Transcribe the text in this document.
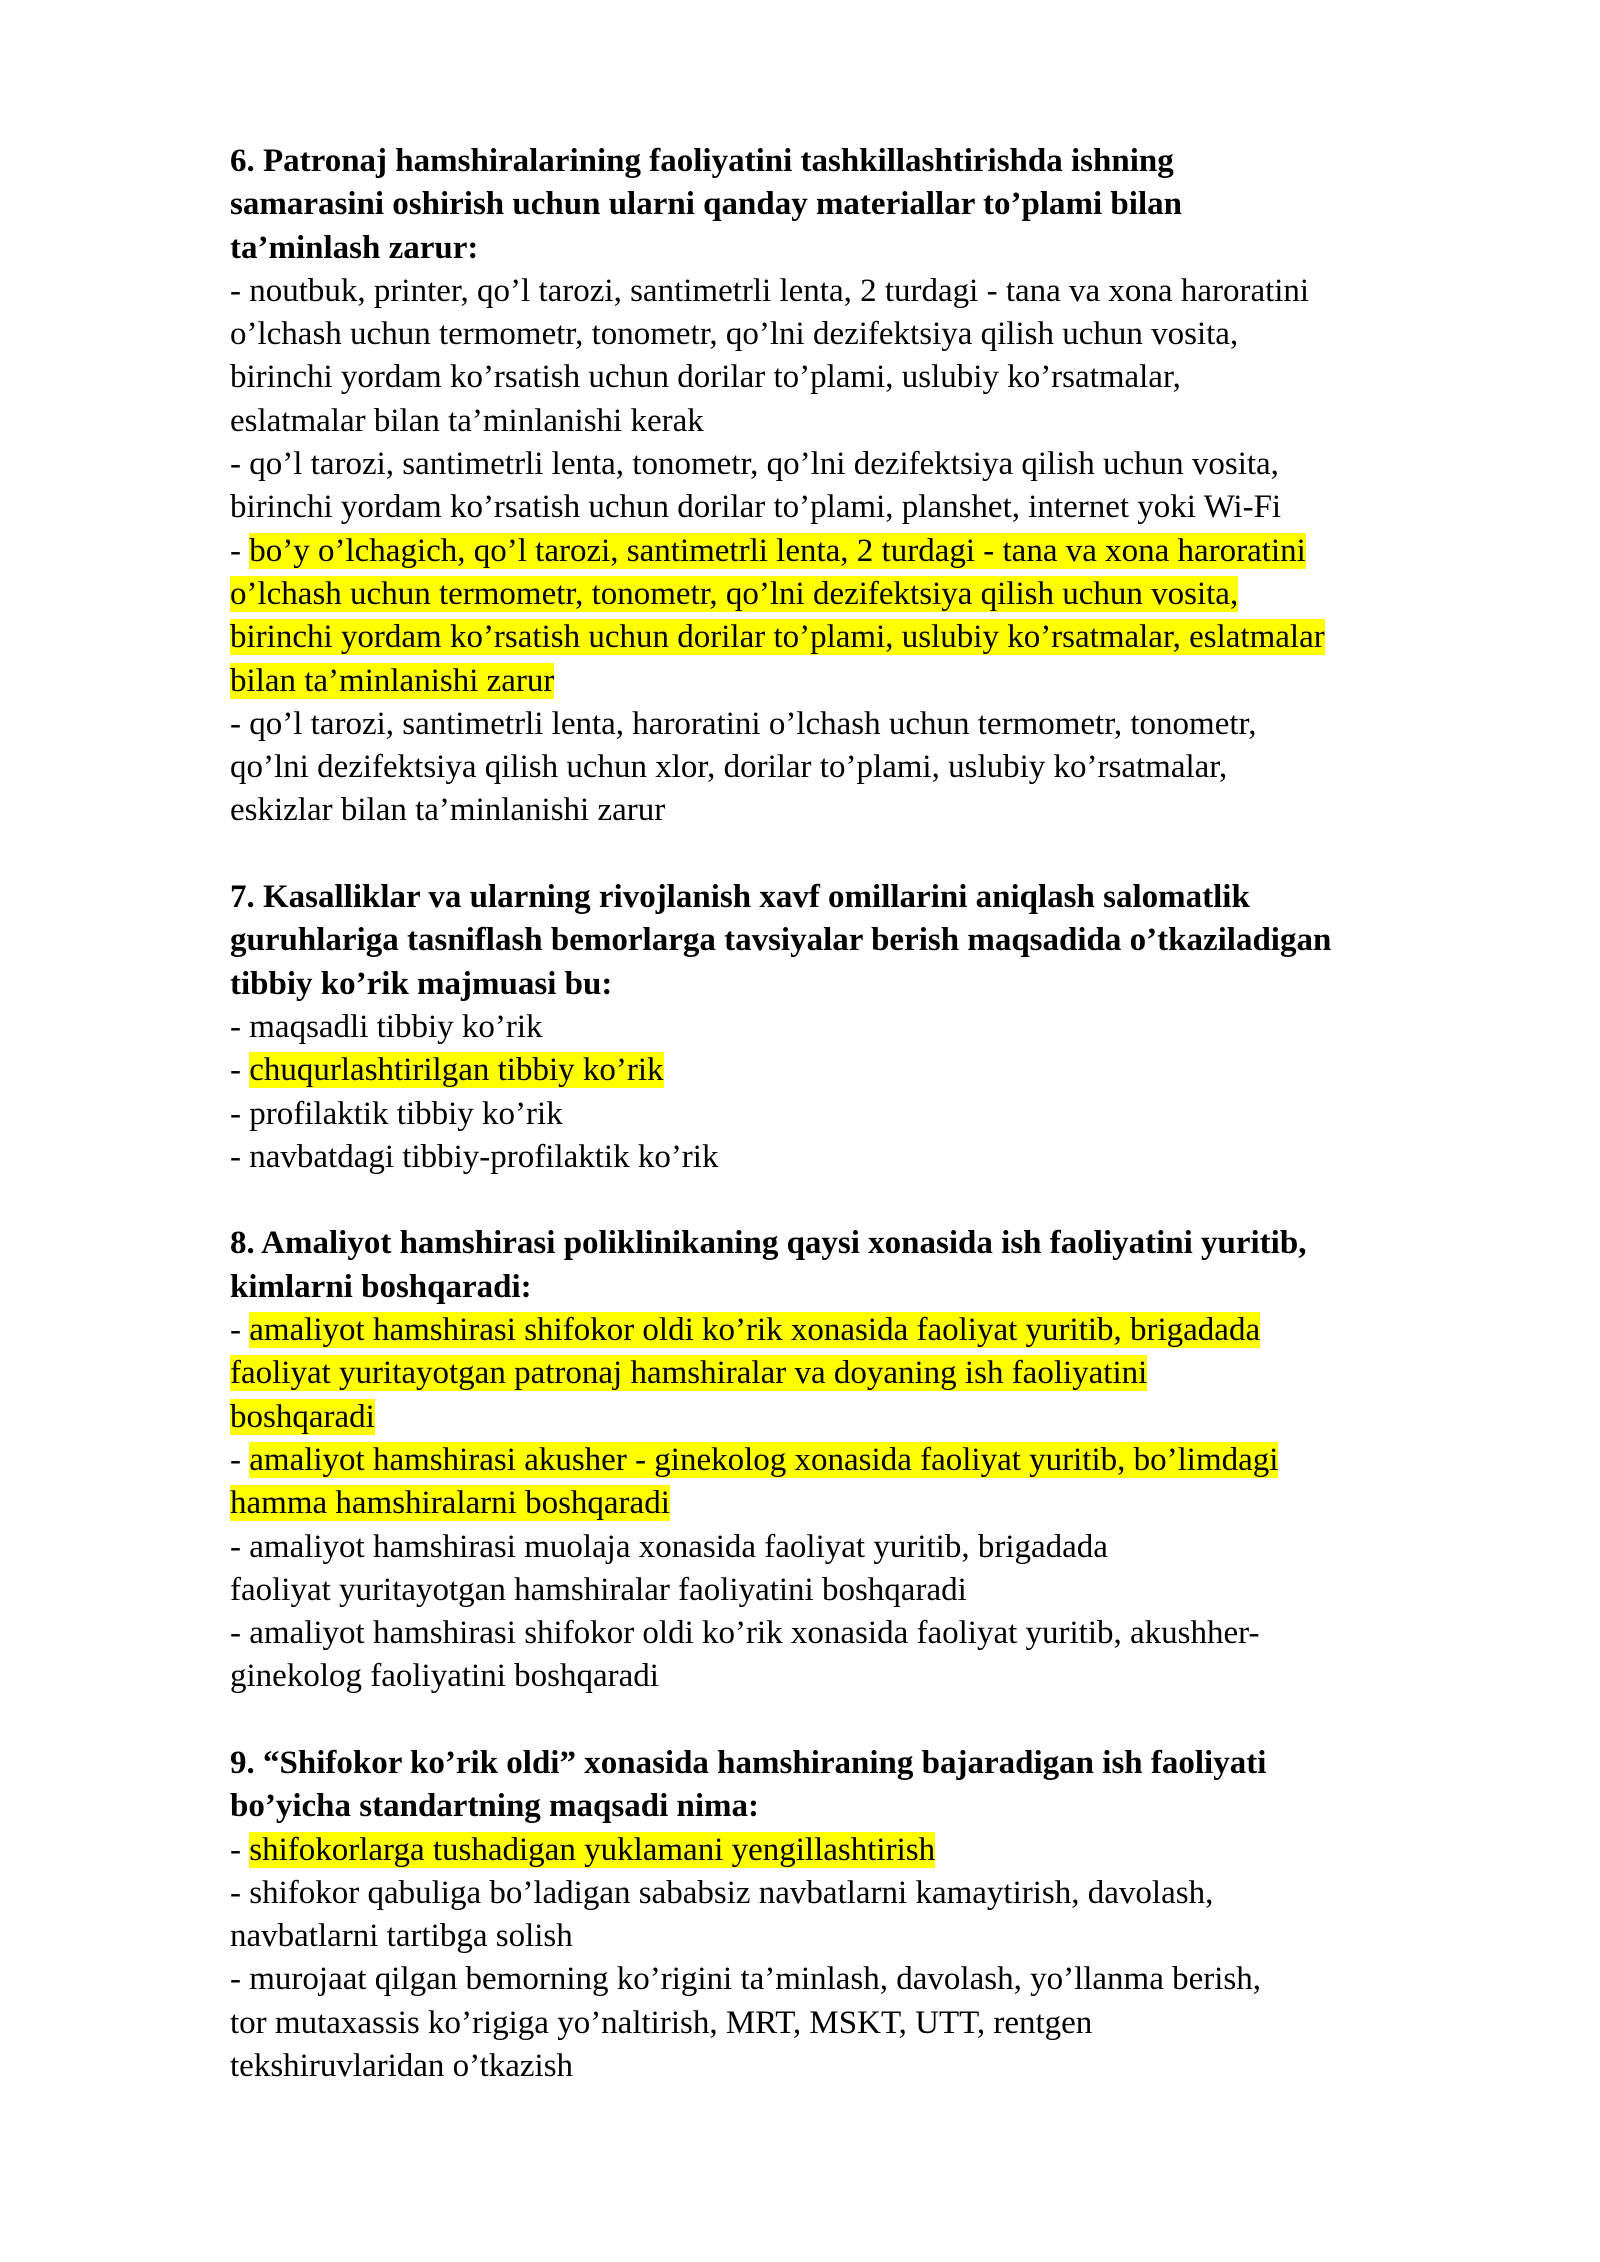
6. Patronaj hamshiralarining faoliyatini tashkillashtirishda ishning
samarasini oshirish uchun ularni qanday materiallar to’plami bilan
ta’minlash zarur:
- noutbuk, printer, qo’l tarozi, santimetrli lenta, 2 turdagi - tana va xona haroratini
o’lchash uchun termometr, tonometr, qo’lni dezifektsiya qilish uchun vosita,
birinchi yordam ko’rsatish uchun dorilar to’plami, uslubiy ko’rsatmalar,
eslatmalar bilan ta’minlanishi kerak
- qo’l tarozi, santimetrli lenta, tonometr, qo’lni dezifektsiya qilish uchun vosita,
birinchi yordam ko’rsatish uchun dorilar to’plami, planshet, internet yoki Wi-Fi
- bo’y o’lchagich, qo’l tarozi, santimetrli lenta, 2 turdagi - tana va xona haroratini
o’lchash uchun termometr, tonometr, qo’lni dezifektsiya qilish uchun vosita,
birinchi yordam ko’rsatish uchun dorilar to’plami, uslubiy ko’rsatmalar, eslatmalar
bilan ta’minlanishi zarur
- qo’l tarozi, santimetrli lenta, haroratini o’lchash uchun termometr, tonometr,
qo’lni dezifektsiya qilish uchun xlor, dorilar to’plami, uslubiy ko’rsatmalar,
eskizlar bilan ta’minlanishi zarur
7. Kasalliklar va ularning rivojlanish xavf omillarini aniqlash salomatlik
guruhlariga tasniflash bemorlarga tavsiyalar berish maqsadida o’tkaziladigan
tibbiy ko’rik majmuasi bu:
- maqsadli tibbiy ko’rik
- chuqurlashtirilgan tibbiy ko’rik
- profilaktik tibbiy ko’rik
- navbatdagi tibbiy-profilaktik ko’rik
8. Amaliyot hamshirasi poliklinikaning qaysi xonasida ish faoliyatini yuritib,
kimlarni boshqaradi:
- amaliyot hamshirasi shifokor oldi ko’rik xonasida faoliyat yuritib, brigadada
faoliyat yuritayotgan patronaj hamshiralar va doyaning ish faoliyatini
boshqaradi
- amaliyot hamshirasi akusher - ginekolog xonasida faoliyat yuritib, bo’limdagi
hamma hamshiralarni boshqaradi
- amaliyot hamshirasi muolaja xonasida faoliyat yuritib, brigadada
faoliyat yuritayotgan hamshiralar faoliyatini boshqaradi
- amaliyot hamshirasi shifokor oldi ko’rik xonasida faoliyat yuritib, akushher-
ginekolog faoliyatini boshqaradi
9. “Shifokor ko’rik oldi” xonasida hamshiraning bajaradigan ish faoliyati
bo’yicha standartning maqsadi nima:
- shifokorlarga tushadigan yuklamani yengillashtirish
- shifokor qabuliga bo’ladigan sababsiz navbatlarni kamaytirish, davolash,
navbatlarni tartibga solish
- murojaat qilgan bemorning ko’rigini ta’minlash, davolash, yo’llanma berish,
tor mutaxassis ko’rigiga yo’naltirish, MRT, MSKT, UTT, rentgen
tekshiruvlaridan o’tkazish
